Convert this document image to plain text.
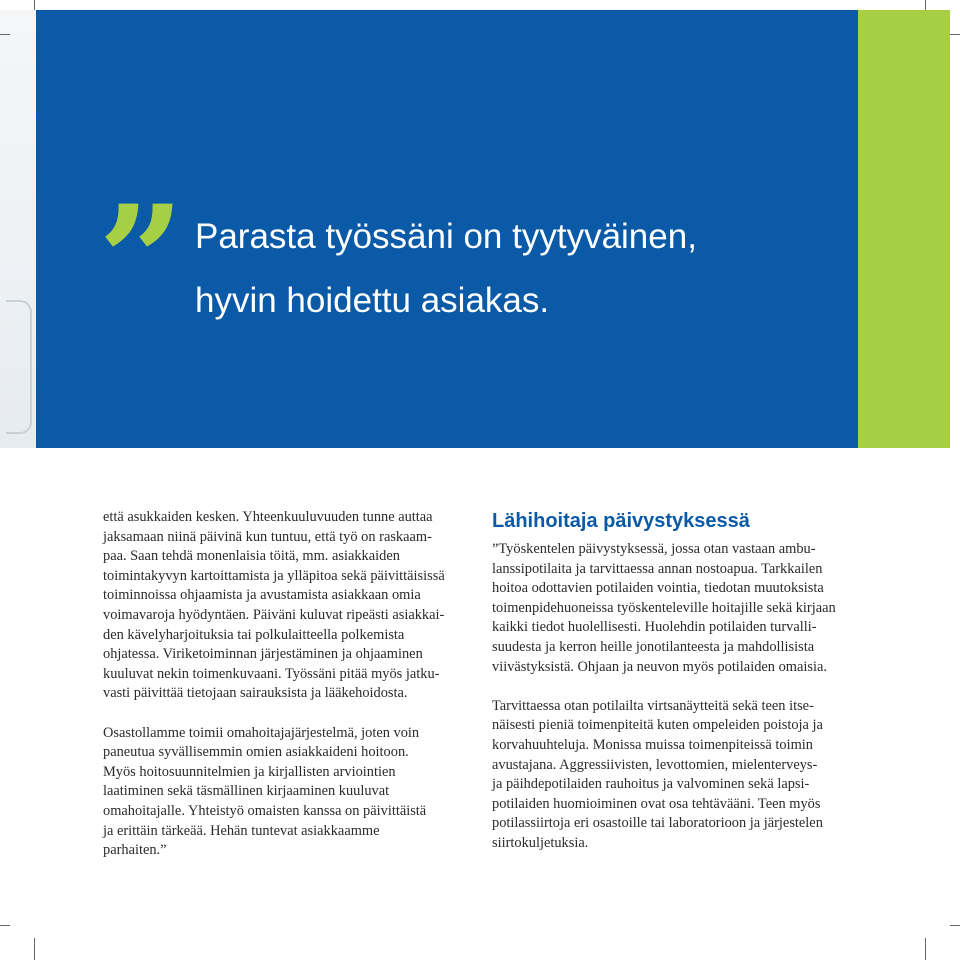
” Parasta työssäni on tyytyväinen,
hyvin hoidettu asiakas.

että asukkaiden kesken. Yhteenkuuluvuuden tunne auttaa
jaksamaan niinä päivinä kun tuntuu, että työ on raskaam-
paa. Saan tehdä monenlaisia töitä, mm. asiakkaiden
toimintakyvyn kartoittamista ja ylläpitoa sekä päivittäisissä
toiminnoissa ohjaamista ja avustamista asiakkaan omia
voimavaroja hyödyntäen. Päiväni kuluvat ripeästi asiakkai-
den kävelyharjoituksia tai polkulaitteella polkemista
ohjatessa. Viriketoiminnan järjestäminen ja ohjaaminen
kuuluvat nekin toimenkuvaani. Työssäni pitää myös jatku-
vasti päivittää tietojaan sairauksista ja lääkehoidosta.

Osastollamme toimii omahoitajajärjestelmä, joten voin
paneutua syvällisemmin omien asiakkaideni hoitoon.
Myös hoitosuunnitelmien ja kirjallisten arviointien
laatiminen sekä täsmällinen kirjaaminen kuuluvat
omahoitajalle. Yhteistyö omaisten kanssa on päivittäistä
ja erittäin tärkeää. Hehän tuntevat asiakkaamme
parhaiten.”

Lähihoitaja päivystyksessä

”Työskentelen päivystyksessä, jossa otan vastaan ambu-
lanssipotilaita ja tarvittaessa annan nostoapua. Tarkkailen
hoitoa odottavien potilaiden vointia, tiedotan muutoksista
toimenpidehuoneissa työskenteleville hoitajille sekä kirjaan
kaikki tiedot huolellisesti. Huolehdin potilaiden turvalli-
suudesta ja kerron heille jonotilanteesta ja mahdollisista
viivästyksistä. Ohjaan ja neuvon myös potilaiden omaisia.

Tarvittaessa otan potilailta virtsanäytteitä sekä teen itse-
näisesti pieniä toimenpiteitä kuten ompeleiden poistoja ja
korvahuuhteluja. Monissa muissa toimenpiteissä toimin
avustajana. Aggressiivisten, levottomien, mielenterveys-
ja päihdepotilaiden rauhoitus ja valvominen sekä lapsi-
potilaiden huomioiminen ovat osa tehtävääni. Teen myös
potilassiirtoja eri osastoille tai laboratorioon ja järjestelen
siirtokuljetuksia.
